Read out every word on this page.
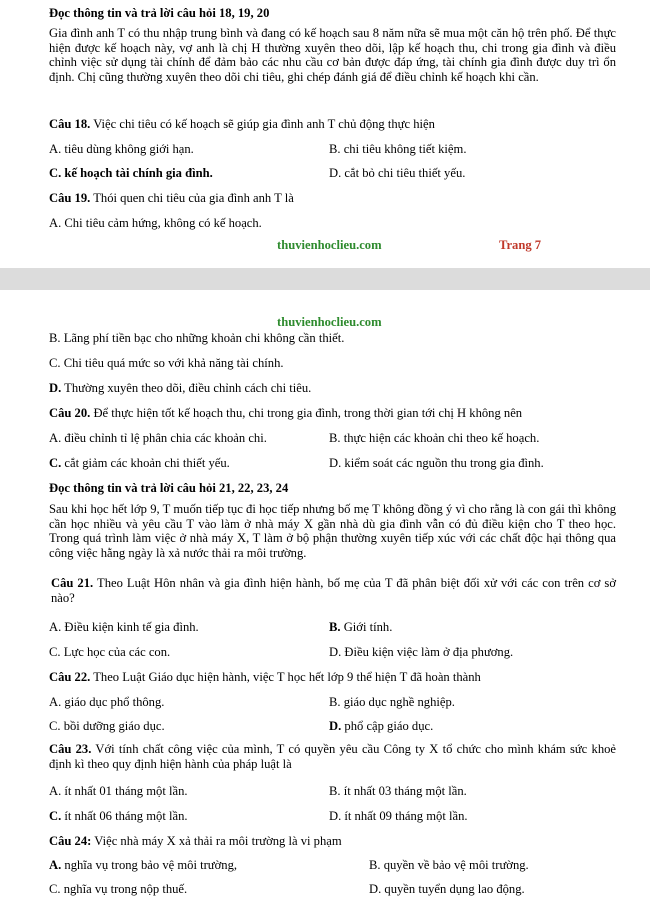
Đọc thông tin và trả lời câu hỏi 18, 19, 20
Gia đình anh T có thu nhập trung bình và đang có kế hoạch sau 8 năm nữa sẽ mua một căn hộ trên phố. Để thực hiện được kế hoạch này, vợ anh là chị H thường xuyên theo dõi, lập kế hoạch thu, chi trong gia đình và điều chỉnh việc sử dụng tài chính để đảm bảo các nhu cầu cơ bản được đáp ứng, tài chính gia đình được duy trì ổn định. Chị cũng thường xuyên theo dõi chi tiêu, ghi chép đánh giá để điều chỉnh kế hoạch khi cần.
Câu 18. Việc chi tiêu có kế hoạch sẽ giúp gia đình anh T chủ động thực hiện
A. tiêu dùng không giới hạn.	B. chi tiêu không tiết kiệm.
C. kế hoạch tài chính gia đình.	D. cắt bỏ chi tiêu thiết yếu.
Câu 19. Thói quen chi tiêu của gia đình anh T là
A. Chi tiêu cảm hứng, không có kế hoạch.
thuvienhoclieu.com	Trang 7
thuvienhoclieu.com
B. Lãng phí tiền bạc cho những khoản chi không cần thiết.
C. Chi tiêu quá mức so với khả năng tài chính.
D. Thường xuyên theo dõi, điều chỉnh cách chi tiêu.
Câu 20. Để thực hiện tốt kế hoạch thu, chi trong gia đình, trong thời gian tới chị H không nên
A. điều chỉnh tỉ lệ phân chia các khoản chi.	B. thực hiện các khoản chi theo kế hoạch.
C. cắt giảm các khoản chi thiết yếu.	D. kiểm soát các nguồn thu trong gia đình.
Đọc thông tin và trả lời câu hỏi 21, 22, 23, 24
Sau khi học hết lớp 9, T muốn tiếp tục đi học tiếp nhưng bố mẹ T không đồng ý vì cho rằng là con gái thì không cần học nhiều và yêu cầu T vào làm ở nhà máy X gần nhà dù gia đình vẫn có đủ điều kiện cho T theo học. Trong quá trình làm việc ở nhà máy X, T làm ở bộ phận thường xuyên tiếp xúc với các chất độc hại thông qua công việc hằng ngày là xả nước thải ra môi trường.
Câu 21. Theo Luật Hôn nhân và gia đình hiện hành, bố mẹ của T đã phân biệt đối xử với các con trên cơ sở nào?
A. Điều kiện kinh tế gia đình.	B. Giới tính.
C. Lực học của các con.	D. Điều kiện việc làm ở địa phương.
Câu 22. Theo Luật Giáo dục hiện hành, việc T học hết lớp 9 thể hiện T đã hoàn thành
A. giáo dục phổ thông.	B. giáo dục nghề nghiệp.
C. bồi dưỡng giáo dục.	D. phổ cập giáo dục.
Câu 23. Với tính chất công việc của mình, T có quyền yêu cầu Công ty X tổ chức cho mình khám sức khoẻ định kì theo quy định hiện hành của pháp luật là
A. ít nhất 01 tháng một lần.	B. ít nhất 03 tháng một lần.
C. ít nhất 06 tháng một lần.	D. ít nhất 09 tháng một lần.
Câu 24: Việc nhà máy X xả thải ra môi trường là vi phạm
A. nghĩa vụ trong bảo vệ môi trường,	B. quyền về bảo vệ môi trường.
C. nghĩa vụ trong nộp thuế.	D. quyền tuyển dụng lao động.
